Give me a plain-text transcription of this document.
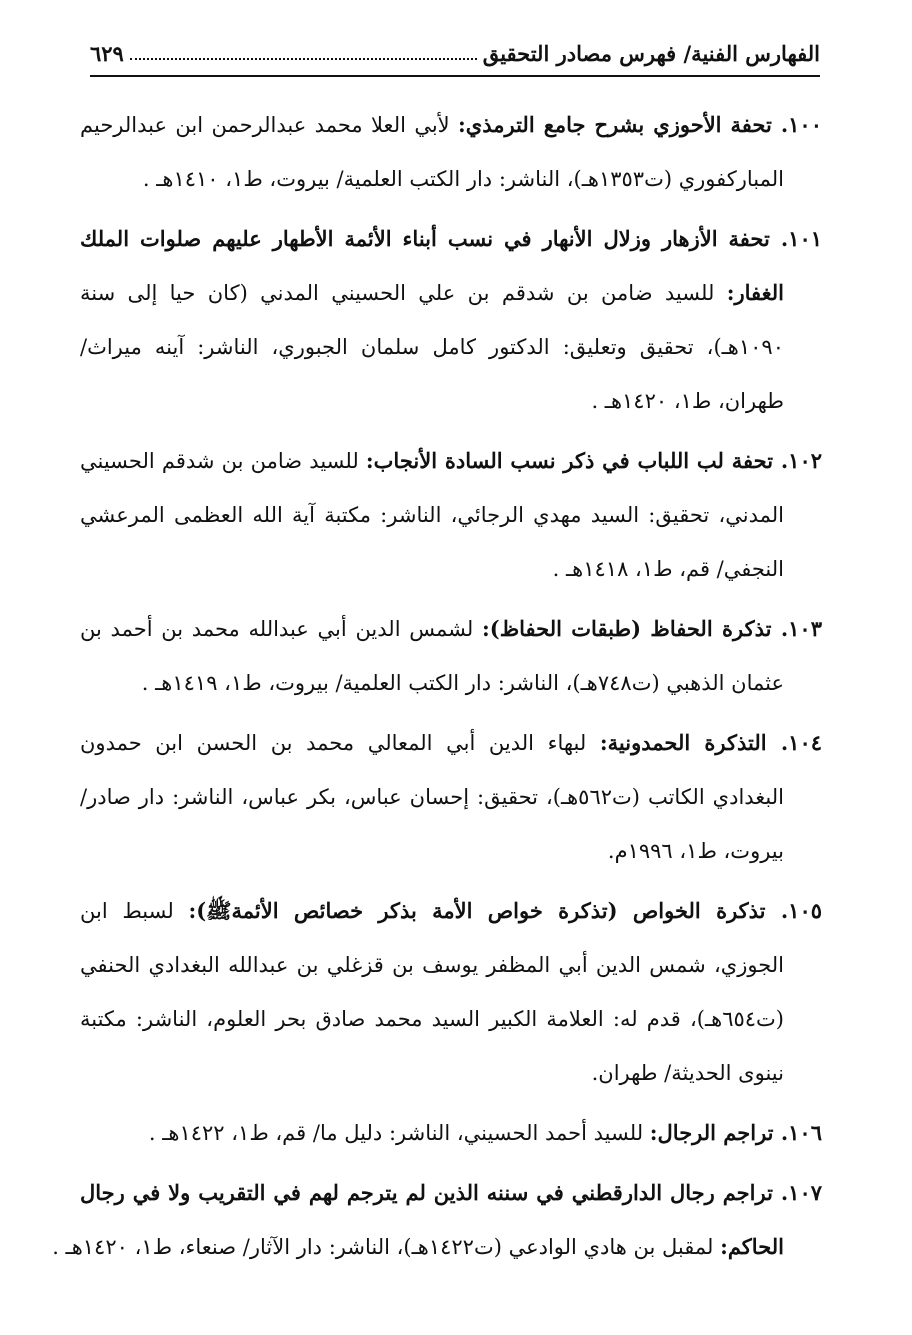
الفهارس الفنية/ فهرس مصادر التحقيق
٦٢٩
١٠٠. تحفة الأحوزي بشرح جامع الترمذي: لأبي العلا محمد عبدالرحمن ابن عبدالرحيم
المباركفوري (ت١٣٥٣هـ)، الناشر: دار الكتب العلمية/ بيروت، ط١، ١٤١٠هـ .
١٠١. تحفة الأزهار وزلال الأنهار في نسب أبناء الأئمة الأطهار عليهم صلوات الملك
الغفار: للسيد ضامن بن شدقم بن علي الحسيني المدني (كان حيا إلى سنة
١٠٩٠هـ)، تحقيق وتعليق: الدكتور كامل سلمان الجبوري، الناشر: آينه ميراث/
طهران، ط١، ١٤٢٠هـ .
١٠٢. تحفة لب اللباب في ذكر نسب السادة الأنجاب: للسيد ضامن بن شدقم الحسيني
المدني، تحقيق: السيد مهدي الرجائي، الناشر: مكتبة آية الله العظمى المرعشي
النجفي/ قم، ط١، ١٤١٨هـ .
١٠٣. تذكرة الحفاظ (طبقات الحفاظ): لشمس الدين أبي عبدالله محمد بن أحمد بن
عثمان الذهبي (ت٧٤٨هـ)، الناشر: دار الكتب العلمية/ بيروت، ط١، ١٤١٩هـ .
١٠٤. التذكرة الحمدونية: لبهاء الدين أبي المعالي محمد بن الحسن ابن حمدون
البغدادي الكاتب (ت٥٦٢هـ)، تحقيق: إحسان عباس، بكر عباس، الناشر: دار صادر/
بيروت، ط١، ١٩٩٦م.
١٠٥. تذكرة الخواص (تذكرة خواص الأمة بذكر خصائص الأئمةﷺ): لسبط ابن
الجوزي، شمس الدين أبي المظفر يوسف بن قزغلي بن عبدالله البغدادي الحنفي
(ت٦٥٤هـ)، قدم له: العلامة الكبير السيد محمد صادق بحر العلوم، الناشر: مكتبة
نينوى الحديثة/ طهران.
١٠٦. تراجم الرجال: للسيد أحمد الحسيني، الناشر: دليل ما/ قم، ط١، ١٤٢٢هـ .
١٠٧. تراجم رجال الدارقطني في سننه الذين لم يترجم لهم في التقريب ولا في رجال
الحاكم: لمقبل بن هادي الوادعي (ت١٤٢٢هـ)، الناشر: دار الآثار/ صنعاء، ط١، ١٤٢٠هـ .
